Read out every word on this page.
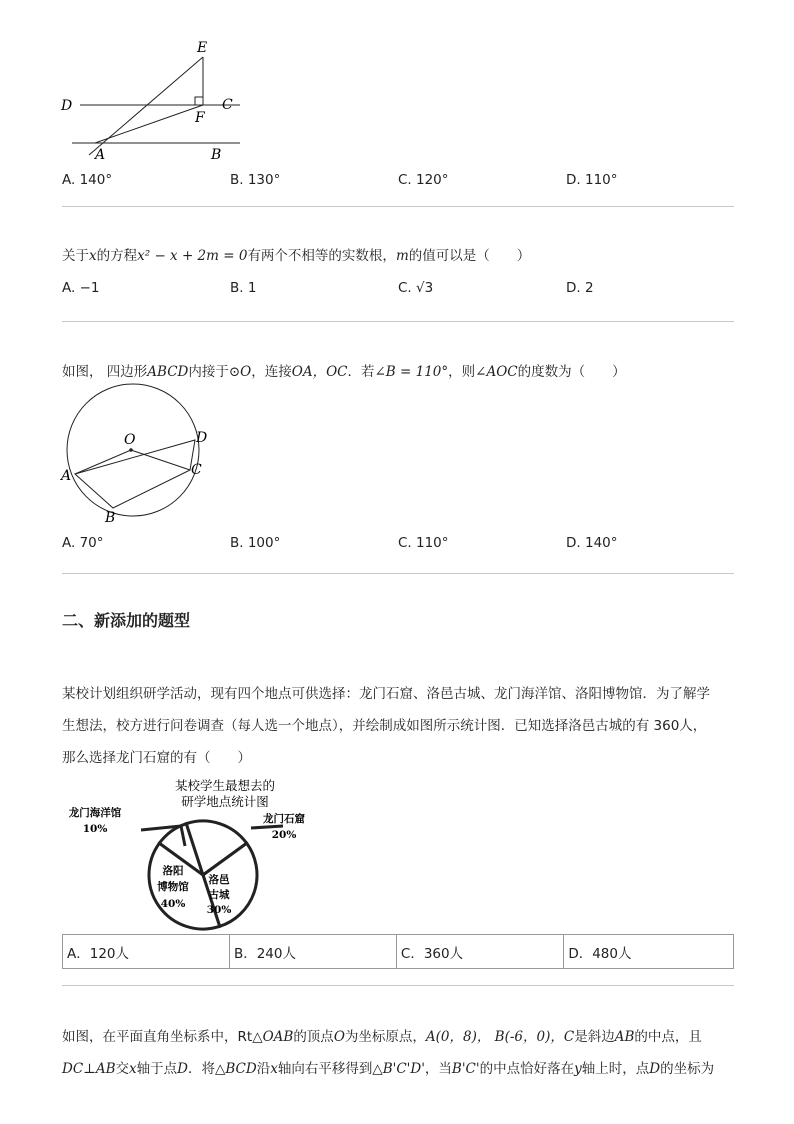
E
D	C
F
A	B
A. 140°	B. 130°	C. 120°	D. 110°
关于x的方程x² − x + 2m = 0有两个不相等的实数根，m的值可以是（　　）
A. −1	B. 1	C. √3	D. 2
如图， 四边形ABCD内接于⊙O，连接OA，OC．若∠B = 110°，则∠AOC的度数为（　　）
O	D
A	C
B
A. 70°	B. 100°	C. 110°	D. 140°
二、新添加的题型
某校计划组织研学活动，现有四个地点可供选择：龙门石窟、洛邑古城、龙门海洋馆、洛阳博物馆．为了解学
生想法，校方进行问卷调查（每人选一个地点），并绘制成如图所示统计图．已知选择洛邑古城的有 360人，
那么选择龙门石窟的有（　　）
某校学生最想去的
研学地点统计图
龙门海洋馆
10%
龙门石窟
20%
洛邑
古城
30%
洛阳
博物馆
40%
A．120人	B．240人	C．360人	D．480人
如图，在平面直角坐标系中，Rt△OAB的顶点O为坐标原点，A(0，8)， B(-6，0)，C是斜边AB的中点，且
DC⊥AB交x轴于点D．将△BCD沿x轴向右平移得到△B'C'D'，当B'C'的中点恰好落在y轴上时，点D的坐标为
